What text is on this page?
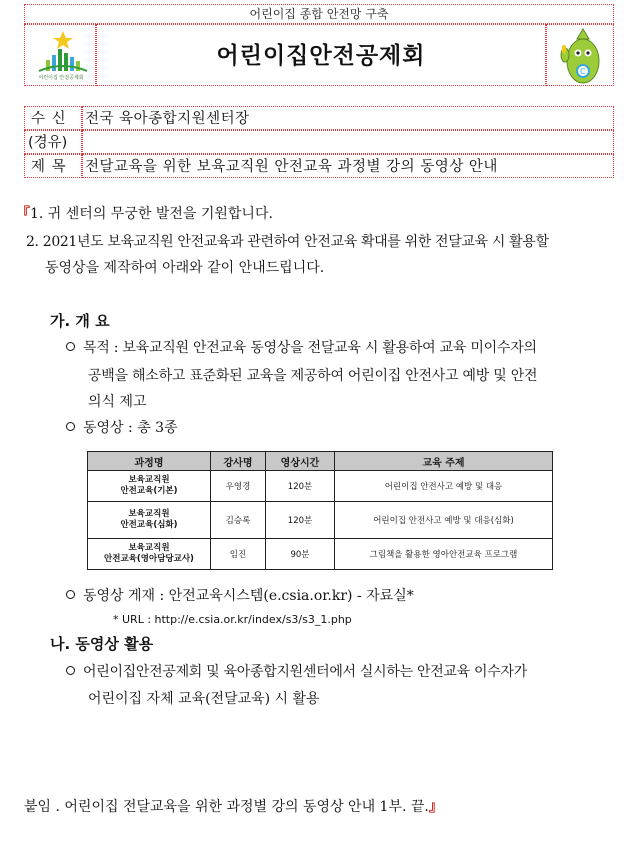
어린이집 종합 안전망 구축
어린이집 안전공제회
어린이집안전공제회
C
수 신 전국 육아종합지원센터장
(경유)
제 목 전달교육을 위한 보육교직원 안전교육 과정별 강의 동영상 안내
『1. 귀 센터의 무궁한 발전을 기원합니다.
2. 2021년도 보육교직원 안전교육과 관련하여 안전교육 확대를 위한 전달교육 시 활용할
동영상을 제작하여 아래와 같이 안내드립니다.
가. 개 요
목적 : 보육교직원 안전교육 동영상을 전달교육 시 활용하여 교육 미이수자의
공백을 해소하고 표준화된 교육을 제공하여 어린이집 안전사고 예방 및 안전
의식 제고
동영상 : 총 3종
과정명	강사명	영상시간	교육 주제

보육교직원
안전교육(기본)	우영경	120분	어린이집 안전사고 예방 및 대응

보육교직원
안전교육(심화)	김승록	120분	어린이집 안전사고 예방 및 대응(심화)

보육교직원
안전교육(영아담당교사)	임진	90분	그림책을 활용한 영아안전교육 프로그램
동영상 게재 : 안전교육시스템(e.csia.or.kr) - 자료실*
* URL : http://e.csia.or.kr/index/s3/s3_1.php
나. 동영상 활용
어린이집안전공제회 및 육아종합지원센터에서 실시하는 안전교육 이수자가
어린이집 자체 교육(전달교육) 시 활용
붙임 . 어린이집 전달교육을 위한 과정별 강의 동영상 안내 1부. 끝.』
